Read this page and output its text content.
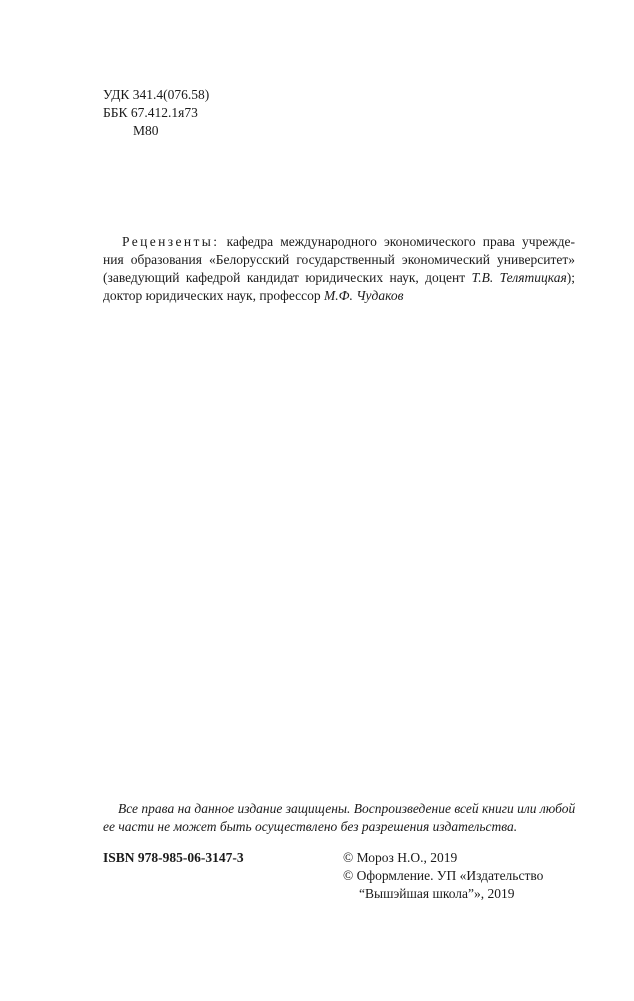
УДК 341.4(076.58)
ББК 67.412.1я73
М80
Рецензенты: кафедра международного экономического права учрежде-
ния образования «Белорусский государственный экономический университет»
(заведующий кафедрой кандидат юридических наук, доцент Т.В. Телятицкая);
доктор юридических наук, профессор М.Ф. Чудаков
Все права на данное издание защищены. Воспроизведение всей книги или любой
ее части не может быть осуществлено без разрешения издательства.
ISBN 978-985-06-3147-3	© Мороз Н.О., 2019
© Оформление. УП «Издательство
“Вышэйшая школа”», 2019
